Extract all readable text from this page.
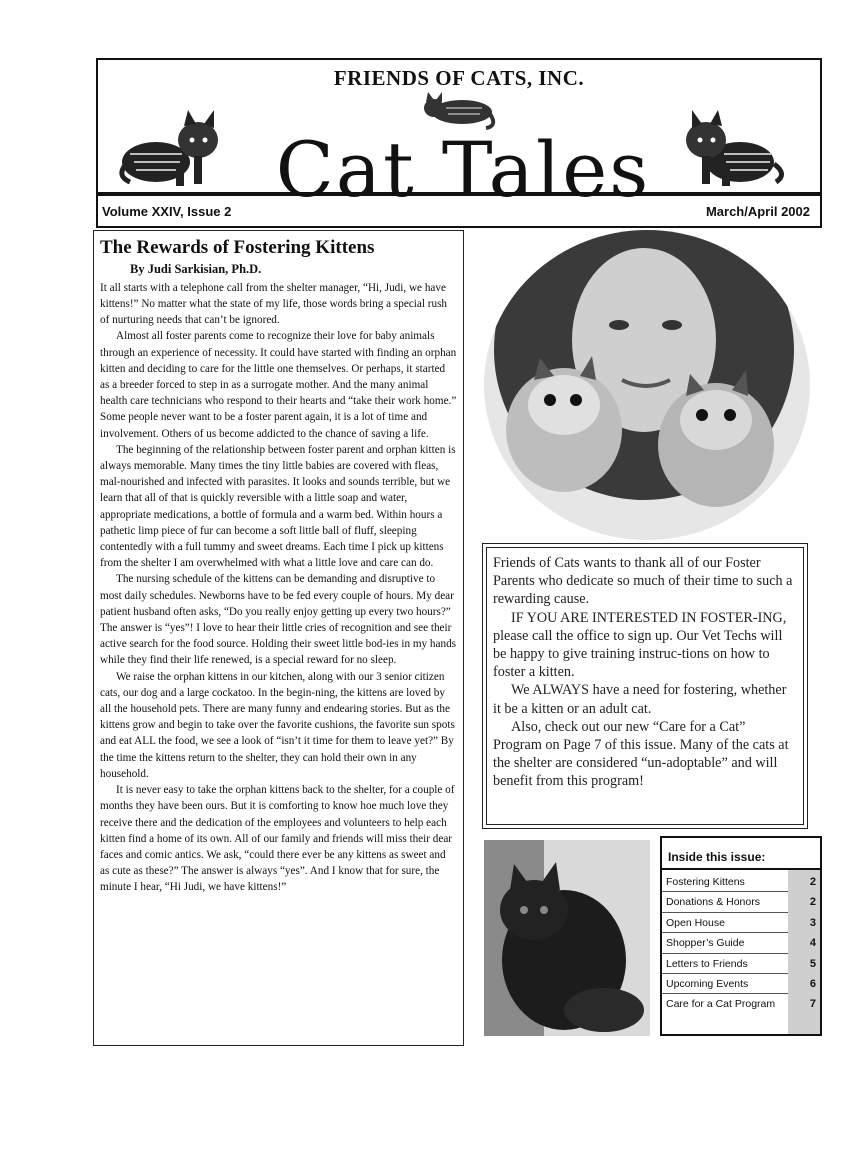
FRIENDS OF CATS, INC.
Cat Tales
Volume XXIV, Issue 2	March/April 2002
The Rewards of Fostering Kittens
By Judi Sarkisian, Ph.D.

It all starts with a telephone call from the shelter manager, “Hi, Judi, we have kittens!” No matter what the state of my life, those words bring a special rush of nurturing needs that can’t be ignored.

Almost all foster parents come to recognize their love for baby animals through an experience of necessity. It could have started with finding an orphan kitten and deciding to care for the little one themselves. Or perhaps, it started as a breeder forced to step in as a surrogate mother. And the many animal health care technicians who respond to their hearts and “take their work home.” Some people never want to be a foster parent again, it is a lot of time and involvement. Others of us become addicted to the chance of saving a life.

The beginning of the relationship between foster parent and orphan kitten is always memorable. Many times the tiny little babies are covered with fleas, mal-nourished and infected with parasites. It looks and sounds terrible, but we learn that all of that is quickly reversible with a little soap and water, appropriate medications, a bottle of formula and a warm bed. Within hours a pathetic limp piece of fur can become a soft little ball of fluff, sleeping contentedly with a full tummy and sweet dreams. Each time I pick up kittens from the shelter I am overwhelmed with what a little love and care can do.

The nursing schedule of the kittens can be demanding and disruptive to most daily schedules. Newborns have to be fed every couple of hours. My dear patient husband often asks, “Do you really enjoy getting up every two hours?” The answer is “yes”! I love to hear their little cries of recognition and see their active search for the food source. Holding their sweet little bod-ies in my hands while they find their life renewed, is a special reward for no sleep.

We raise the orphan kittens in our kitchen, along with our 3 senior citizen cats, our dog and a large cockatoo. In the begin-ning, the kittens are loved by all the household pets. There are many funny and endearing stories. But as the kittens grow and begin to take over the favorite cushions, the favorite sun spots and eat ALL the food, we see a look of “isn’t it time for them to leave yet?” By the time the kittens return to the shelter, they can hold their own in any household.

It is never easy to take the orphan kittens back to the shelter, for a couple of months they have been ours. But it is comforting to know hoe much love they receive there and the dedication of the employees and volunteers to help each kitten find a home of its own. All of our family and friends will miss their dear faces and comic antics. We ask, “could there ever be any kittens as sweet and as cute as these?” The answer is always “yes”. And I know that for sure, the minute I hear, “Hi Judi, we have kittens!”

Friends of Cats wants to thank all of our Foster Parents who dedicate so much of their time to such a rewarding cause.

IF YOU ARE INTERESTED IN FOSTER-ING, please call the office to sign up. Our Vet Techs will be happy to give training instruc-tions on how to foster a kitten.

We ALWAYS have a need for fostering, whether it be a kitten or an adult cat.

Also, check out our new “Care for a Cat” Program on Page 7 of this issue. Many of the cats at the shelter are considered “un-adoptable” and will benefit from this program!

Inside this issue:
Fostering Kittens	2
Donations & Honors	2
Open House	3
Shopper’s Guide	4
Letters to Friends	5
Upcoming Events	6
Care for a Cat Program	7
